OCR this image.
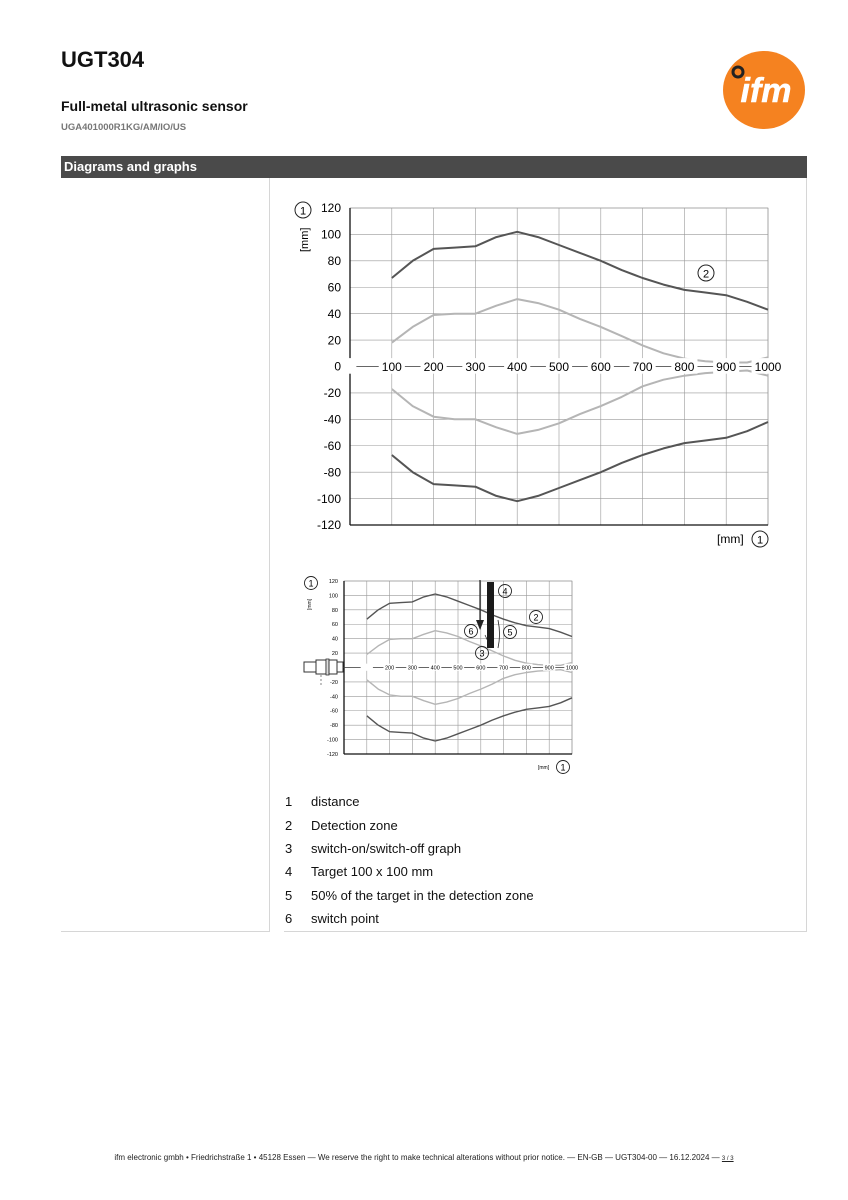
UGT304
Full-metal ultrasonic sensor
UGA401000R1KG/AM/IO/US
ifm
Diagrams and graphs
120
100
80
60
40
20
0
-20
-40
-60
-80
-100
-120
100 200 300 400 500 600 700 800 900 1000
1
[mm]
[mm] 1
2
120
100
80
60
40
20
-20
-40
-60
-80
-100
-120
200 300 400 500 600 700 800 900 1000
1
[mm]
[mm] 1
2
3
4
5
6
1	distance
2	Detection zone
3	switch-on/switch-off graph
4	Target 100 x 100 mm
5	50% of the target in the detection zone
6	switch point
ifm electronic gmbh • Friedrichstraße 1 • 45128 Essen — We reserve the right to make technical alterations without prior notice. — EN-GB — UGT304-00 — 16.12.2024 — 3 / 3
